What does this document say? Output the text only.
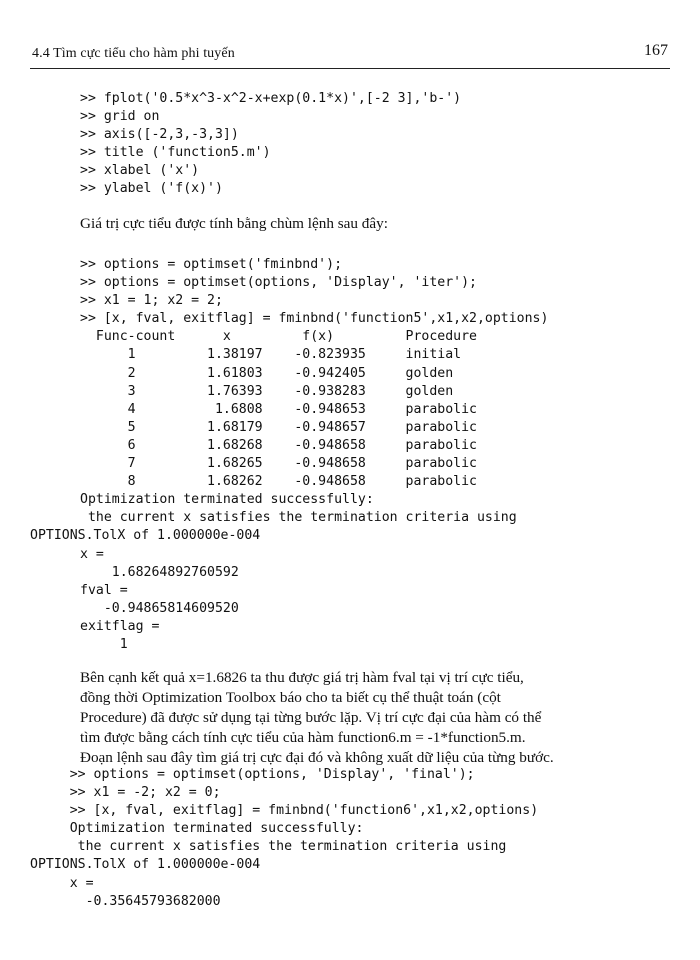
4.4 Tìm cực tiểu cho hàm phi tuyến	167
>> fplot('0.5*x^3-x^2-x+exp(0.1*x)',[-2 3],'b-')
>> grid on
>> axis([-2,3,-3,3])
>> title ('function5.m')
>> xlabel ('x')
>> ylabel ('f(x)')
Giá trị cực tiểu được tính bằng chùm lệnh sau đây:
>> options = optimset('fminbnd');
>> options = optimset(options, 'Display', 'iter');
>> x1 = 1; x2 = 2;
>> [x, fval, exitflag] = fminbnd('function5',x1,x2,options)
Func-count      x         f(x)         Procedure
1         1.38197    -0.823935     initial
2         1.61803    -0.942405     golden
3         1.76393    -0.938283     golden
4          1.6808    -0.948653     parabolic
5         1.68179    -0.948657     parabolic
6         1.68268    -0.948658     parabolic
7         1.68265    -0.948658     parabolic
8         1.68262    -0.948658     parabolic
Optimization terminated successfully:
the current x satisfies the termination criteria using
OPTIONS.TolX of 1.000000e-004
x =
1.68264892760592
fval =
-0.94865814609520
exitflag =
1
Bên cạnh kết quả x=1.6826 ta thu được giá trị hàm fval tại vị trí cực tiểu,
đồng thời Optimization Toolbox báo cho ta biết cụ thể thuật toán (cột
Procedure) đã được sử dụng tại từng bước lặp. Vị trí cực đại của hàm có thể
tìm được bằng cách tính cực tiểu của hàm function6.m = -1*function5.m.
Đoạn lệnh sau đây tìm giá trị cực đại đó và không xuất dữ liệu của từng bước.
>> options = optimset(options, 'Display', 'final');
>> x1 = -2; x2 = 0;
>> [x, fval, exitflag] = fminbnd('function6',x1,x2,options)
Optimization terminated successfully:
the current x satisfies the termination criteria using
OPTIONS.TolX of 1.000000e-004
x =
-0.35645793682000
